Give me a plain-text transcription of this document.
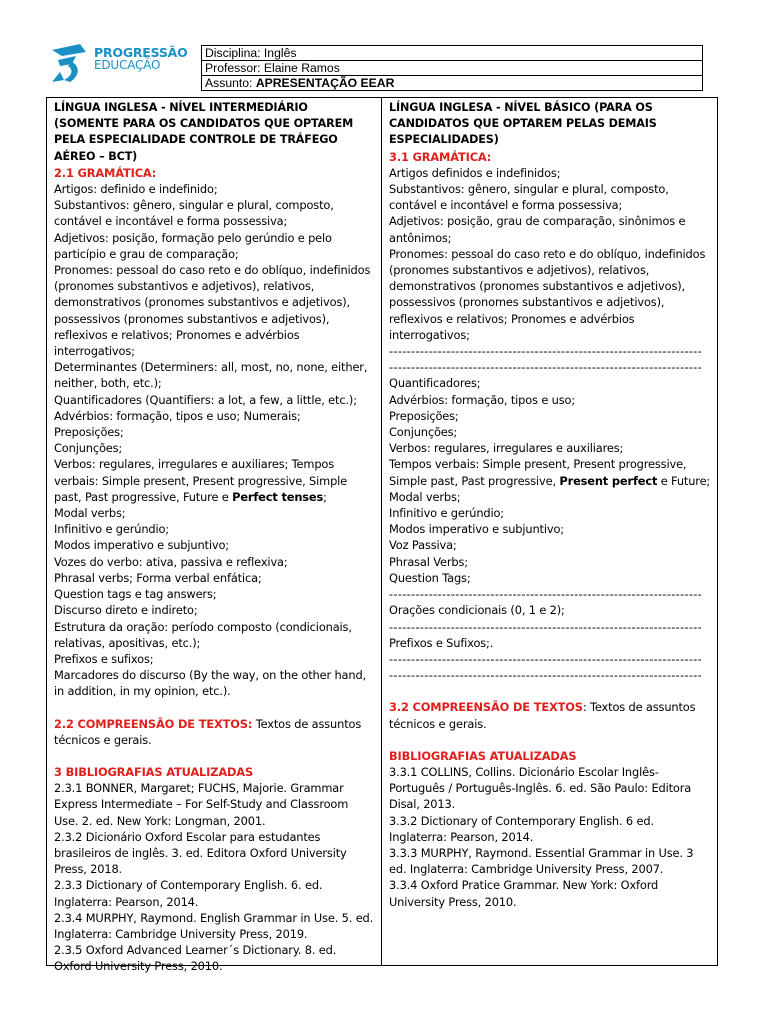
PROGRESSÃO
EDUCAÇÃO
Disciplina: Inglês
Professor: Elaine Ramos
Assunto: APRESENTAÇÃO EEAR
LÍNGUA INGLESA - NÍVEL INTERMEDIÁRIO (SOMENTE PARA OS CANDIDATOS QUE OPTAREM PELA ESPECIALIDADE CONTROLE DE TRÁFEGO AÉREO – BCT)
2.1 GRAMÁTICA:
Artigos: definido e indefinido;
Substantivos: gênero, singular e plural, composto, contável e incontável e forma possessiva;
Adjetivos: posição, formação pelo gerúndio e pelo particípio e grau de comparação;
Pronomes: pessoal do caso reto e do oblíquo, indefinidos (pronomes substantivos e adjetivos), relativos, demonstrativos (pronomes substantivos e adjetivos), possessivos (pronomes substantivos e adjetivos), reflexivos e relativos; Pronomes e advérbios interrogativos;
Determinantes (Determiners: all, most, no, none, either, neither, both, etc.);
Quantificadores (Quantifiers: a lot, a few, a little, etc.);
Advérbios: formação, tipos e uso; Numerais;
Preposições;
Conjunções;
Verbos: regulares, irregulares e auxiliares; Tempos verbais: Simple present, Present progressive, Simple past, Past progressive, Future e Perfect tenses;
Modal verbs;
Infinitivo e gerúndio;
Modos imperativo e subjuntivo;
Vozes do verbo: ativa, passiva e reflexiva;
Phrasal verbs; Forma verbal enfática;
Question tags e tag answers;
Discurso direto e indireto;
Estrutura da oração: período composto (condicionais, relativas, apositivas, etc.);
Prefixos e sufixos;
Marcadores do discurso (By the way, on the other hand, in addition, in my opinion, etc.).
2.2 COMPREENSÃO DE TEXTOS: Textos de assuntos técnicos e gerais.
3 BIBLIOGRAFIAS ATUALIZADAS
2.3.1 BONNER, Margaret; FUCHS, Majorie. Grammar Express Intermediate – For Self-Study and Classroom Use. 2. ed. New York: Longman, 2001.
2.3.2 Dicionário Oxford Escolar para estudantes brasileiros de inglês. 3. ed. Editora Oxford University Press, 2018.
2.3.3 Dictionary of Contemporary English. 6. ed. Inglaterra: Pearson, 2014.
2.3.4 MURPHY, Raymond. English Grammar in Use. 5. ed. Inglaterra: Cambridge University Press, 2019.
2.3.5 Oxford Advanced Learner´s Dictionary. 8. ed. Oxford University Press, 2010.
LÍNGUA INGLESA - NÍVEL BÁSICO (PARA OS CANDIDATOS QUE OPTAREM PELAS DEMAIS ESPECIALIDADES)
3.1 GRAMÁTICA:
Artigos definidos e indefinidos;
Substantivos: gênero, singular e plural, composto, contável e incontável e forma possessiva;
Adjetivos: posição, grau de comparação, sinônimos e antônimos;
Pronomes: pessoal do caso reto e do oblíquo, indefinidos (pronomes substantivos e adjetivos), relativos, demonstrativos (pronomes substantivos e adjetivos), possessivos (pronomes substantivos e adjetivos), reflexivos e relativos; Pronomes e advérbios interrogativos;
-----------------------------------------------------------------------
-----------------------------------------------------------------------
Quantificadores;
Advérbios: formação, tipos e uso;
Preposições;
Conjunções;
Verbos: regulares, irregulares e auxiliares;
Tempos verbais: Simple present, Present progressive, Simple past, Past progressive, Present perfect e Future;
Modal verbs;
Infinitivo e gerúndio;
Modos imperativo e subjuntivo;
Voz Passiva;
Phrasal Verbs;
Question Tags;
-----------------------------------------------------------------------
Orações condicionais (0, 1 e 2);
-----------------------------------------------------------------------
Prefixos e Sufixos;.
-----------------------------------------------------------------------
-----------------------------------------------------------------------
3.2 COMPREENSÃO DE TEXTOS: Textos de assuntos técnicos e gerais.
BIBLIOGRAFIAS ATUALIZADAS
3.3.1 COLLINS, Collins. Dicionário Escolar Inglês-Português / Português-Inglês. 6. ed. São Paulo: Editora Disal, 2013.
3.3.2 Dictionary of Contemporary English. 6 ed. Inglaterra: Pearson, 2014.
3.3.3 MURPHY, Raymond. Essential Grammar in Use. 3 ed. Inglaterra: Cambridge University Press, 2007.
3.3.4 Oxford Pratice Grammar. New York: Oxford University Press, 2010.
